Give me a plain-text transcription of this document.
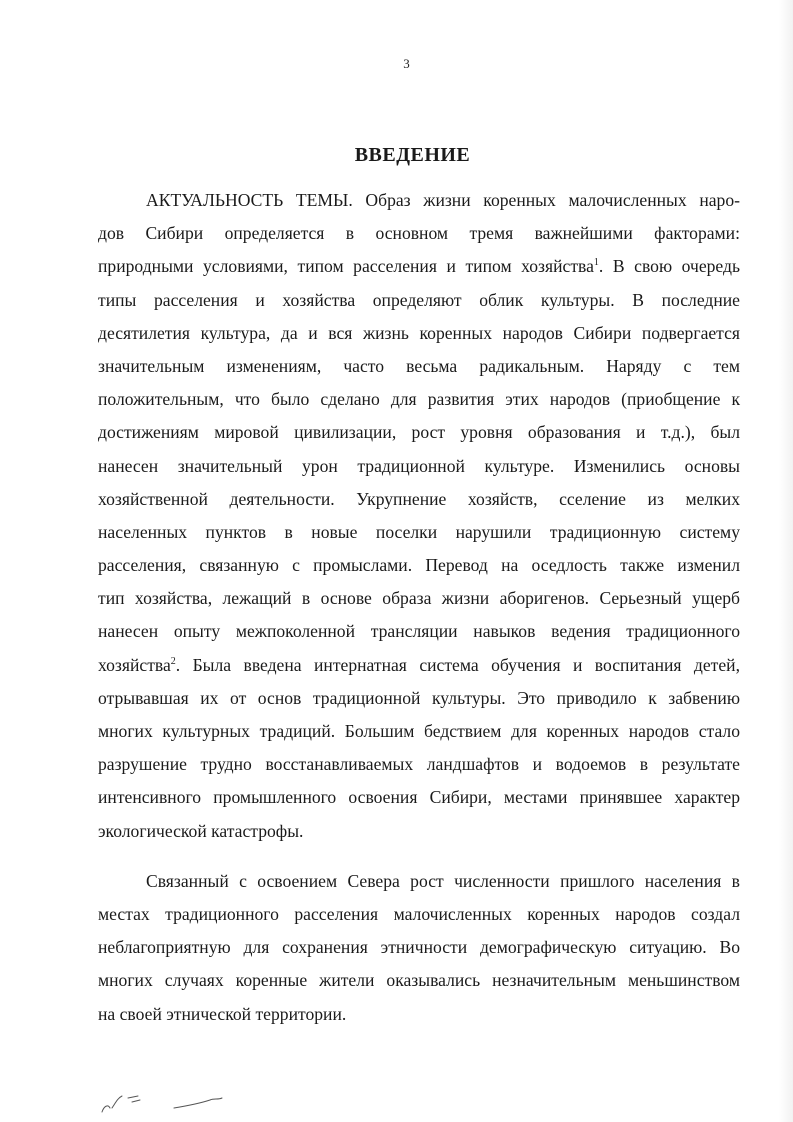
3
ВВЕДЕНИЕ
АКТУАЛЬНОСТЬ ТЕМЫ. Образ жизни коренных малочисленных наро-
дов Сибири определяется в основном тремя важнейшими факторами:
природными условиями, типом расселения и типом хозяйства$^1$. В свою очередь
типы расселения и хозяйства определяют облик культуры. В последние
десятилетия культура, да и вся жизнь коренных народов Сибири подвергается
значительным изменениям, часто весьма радикальным. Наряду с тем
положительным, что было сделано для развития этих народов (приобщение к
достижениям мировой цивилизации, рост уровня образования и т.д.), был
нанесен значительный урон традиционной культуре. Изменились основы
хозяйственной деятельности. Укрупнение хозяйств, сселение из мелких
населенных пунктов в новые поселки нарушили традиционную систему
расселения, связанную с промыслами. Перевод на оседлость также изменил
тип хозяйства, лежащий в основе образа жизни аборигенов. Серьезный ущерб
нанесен опыту межпоколенной трансляции навыков ведения традиционного
хозяйства$^2$. Была введена интернатная система обучения и воспитания детей,
отрывавшая их от основ традиционной культуры. Это приводило к забвению
многих культурных традиций. Большим бедствием для коренных народов стало
разрушение трудно восстанавливаемых ландшафтов и водоемов в результате
интенсивного промышленного освоения Сибири, местами принявшее характер
экологической катастрофы.
Связанный с освоением Севера рост численности пришлого населения в
местах традиционного расселения малочисленных коренных народов создал
неблагоприятную для сохранения этничности демографическую ситуацию. Во
многих случаях коренные жители оказывались незначительным меньшинством
на своей этнической территории.
